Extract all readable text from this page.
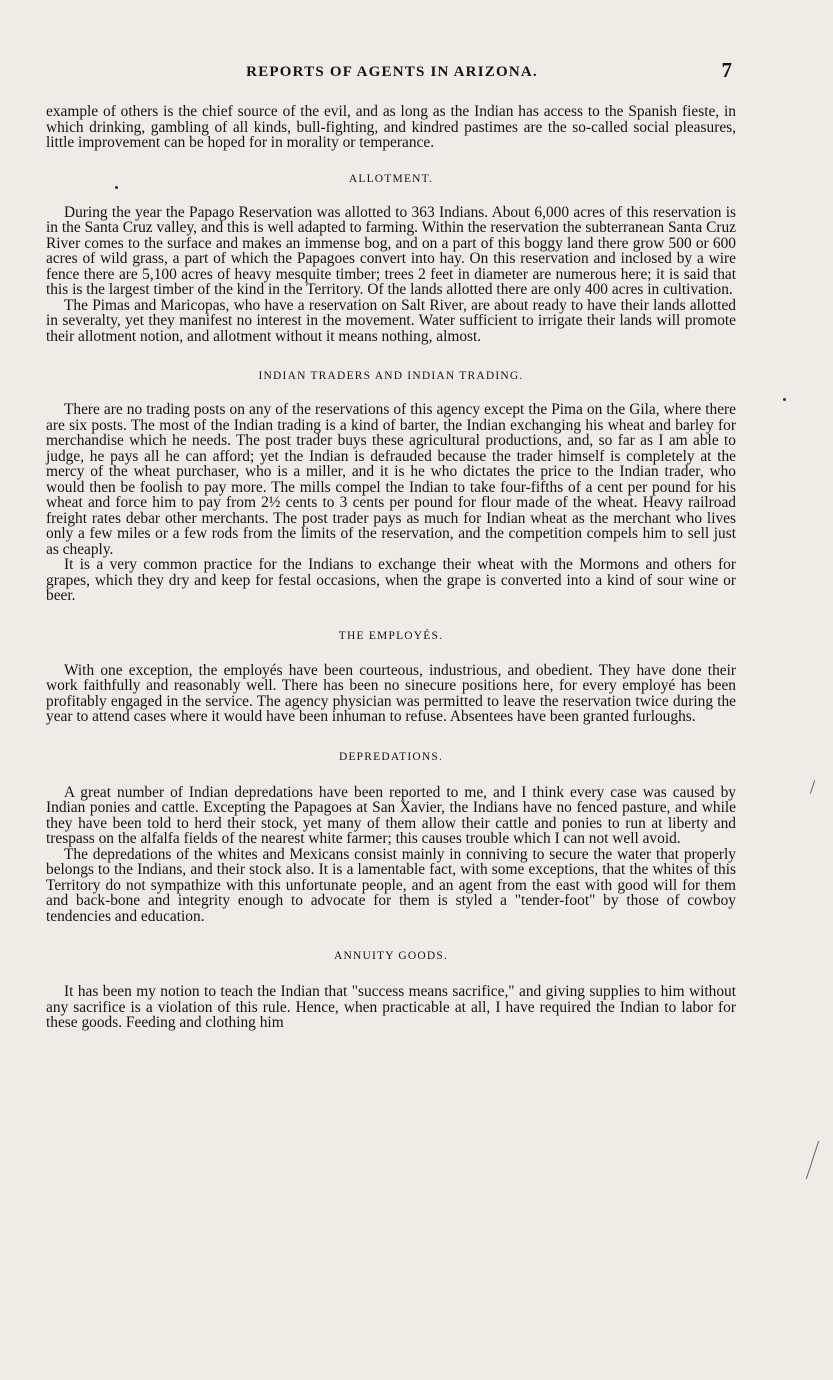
REPORTS OF AGENTS IN ARIZONA.	7

example of others is the chief source of the evil, and as long as the Indian has access to the Spanish fieste, in which drinking, gambling of all kinds, bull-fighting, and kindred pastimes are the so-called social pleasures, little improvement can be hoped for in morality or temperance.

ALLOTMENT.

During the year the Papago Reservation was allotted to 363 Indians. About 6,000 acres of this reservation is in the Santa Cruz valley, and this is well adapted to farming. Within the reservation the subterranean Santa Cruz River comes to the surface and makes an immense bog, and on a part of this boggy land there grow 500 or 600 acres of wild grass, a part of which the Papagoes convert into hay. On this reservation and inclosed by a wire fence there are 5,100 acres of heavy mesquite timber; trees 2 feet in diameter are numerous here; it is said that this is the largest timber of the kind in the Territory. Of the lands allotted there are only 400 acres in cultivation.

The Pimas and Maricopas, who have a reservation on Salt River, are about ready to have their lands allotted in severalty, yet they manifest no interest in the movement. Water sufficient to irrigate their lands will promote their allotment notion, and allotment without it means nothing, almost.

INDIAN TRADERS AND INDIAN TRADING.

There are no trading posts on any of the reservations of this agency except the Pima on the Gila, where there are six posts. The most of the Indian trading is a kind of barter, the Indian exchanging his wheat and barley for merchandise which he needs. The post trader buys these agricultural productions, and, so far as I am able to judge, he pays all he can afford; yet the Indian is defrauded because the trader himself is completely at the mercy of the wheat purchaser, who is a miller, and it is he who dictates the price to the Indian trader, who would then be foolish to pay more. The mills compel the Indian to take four-fifths of a cent per pound for his wheat and force him to pay from 2½ cents to 3 cents per pound for flour made of the wheat. Heavy railroad freight rates debar other merchants. The post trader pays as much for Indian wheat as the merchant who lives only a few miles or a few rods from the limits of the reservation, and the competition compels him to sell just as cheaply.

It is a very common practice for the Indians to exchange their wheat with the Mormons and others for grapes, which they dry and keep for festal occasions, when the grape is converted into a kind of sour wine or beer.

THE EMPLOYÉS.

With one exception, the employés have been courteous, industrious, and obedient. They have done their work faithfully and reasonably well. There has been no sinecure positions here, for every employé has been profitably engaged in the service. The agency physician was permitted to leave the reservation twice during the year to attend cases where it would have been inhuman to refuse. Absentees have been granted furloughs.

DEPREDATIONS.

A great number of Indian depredations have been reported to me, and I think every case was caused by Indian ponies and cattle. Excepting the Papagoes at San Xavier, the Indians have no fenced pasture, and while they have been told to herd their stock, yet many of them allow their cattle and ponies to run at liberty and trespass on the alfalfa fields of the nearest white farmer; this causes trouble which I can not well avoid.

The depredations of the whites and Mexicans consist mainly in conniving to secure the water that properly belongs to the Indians, and their stock also. It is a lamentable fact, with some exceptions, that the whites of this Territory do not sympathize with this unfortunate people, and an agent from the east with good will for them and back-bone and integrity enough to advocate for them is styled a "tender-foot" by those of cowboy tendencies and education.

ANNUITY GOODS.

It has been my notion to teach the Indian that "success means sacrifice," and giving supplies to him without any sacrifice is a violation of this rule. Hence, when practicable at all, I have required the Indian to labor for these goods. Feeding and clothing him
